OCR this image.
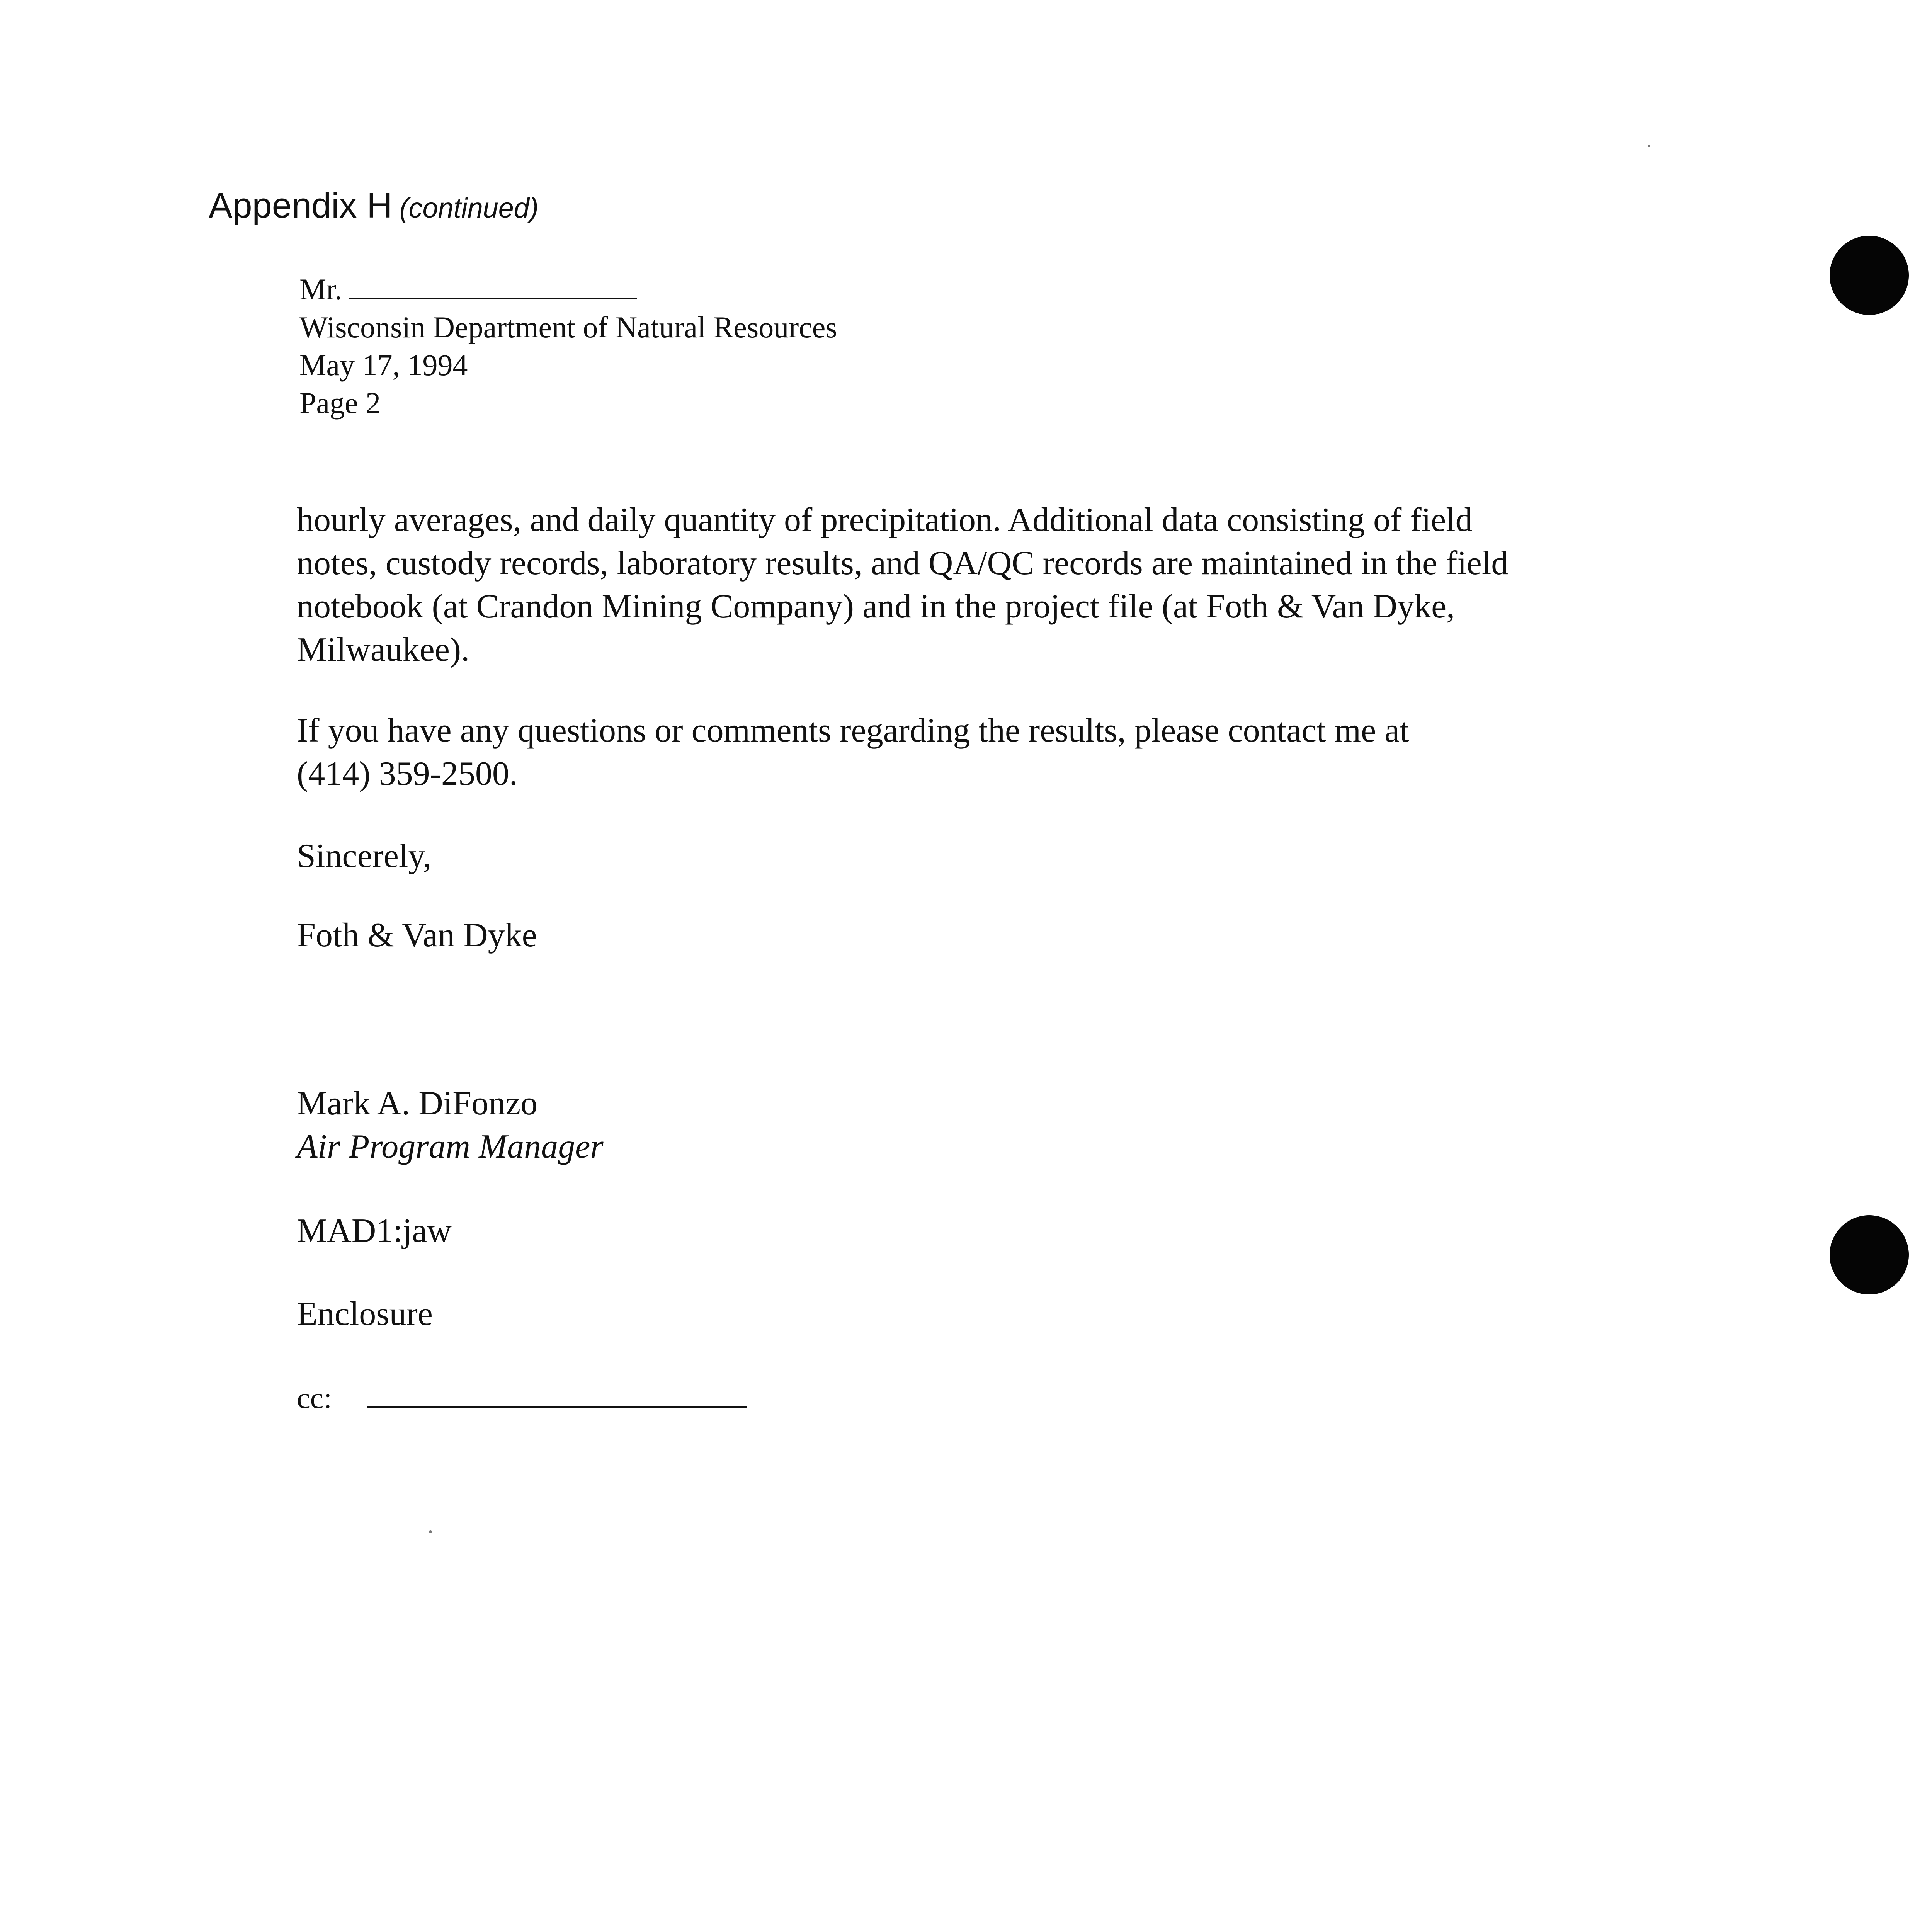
Appendix H (continued)
Mr.
Wisconsin Department of Natural Resources
May 17, 1994
Page 2
hourly averages, and daily quantity of precipitation. Additional data consisting of field
notes, custody records, laboratory results, and QA/QC records are maintained in the field
notebook (at Crandon Mining Company) and in the project file (at Foth & Van Dyke,
Milwaukee).
If you have any questions or comments regarding the results, please contact me at
(414) 359-2500.
Sincerely,
Foth & Van Dyke
Mark A. DiFonzo
Air Program Manager
MAD1:jaw
Enclosure
cc:
